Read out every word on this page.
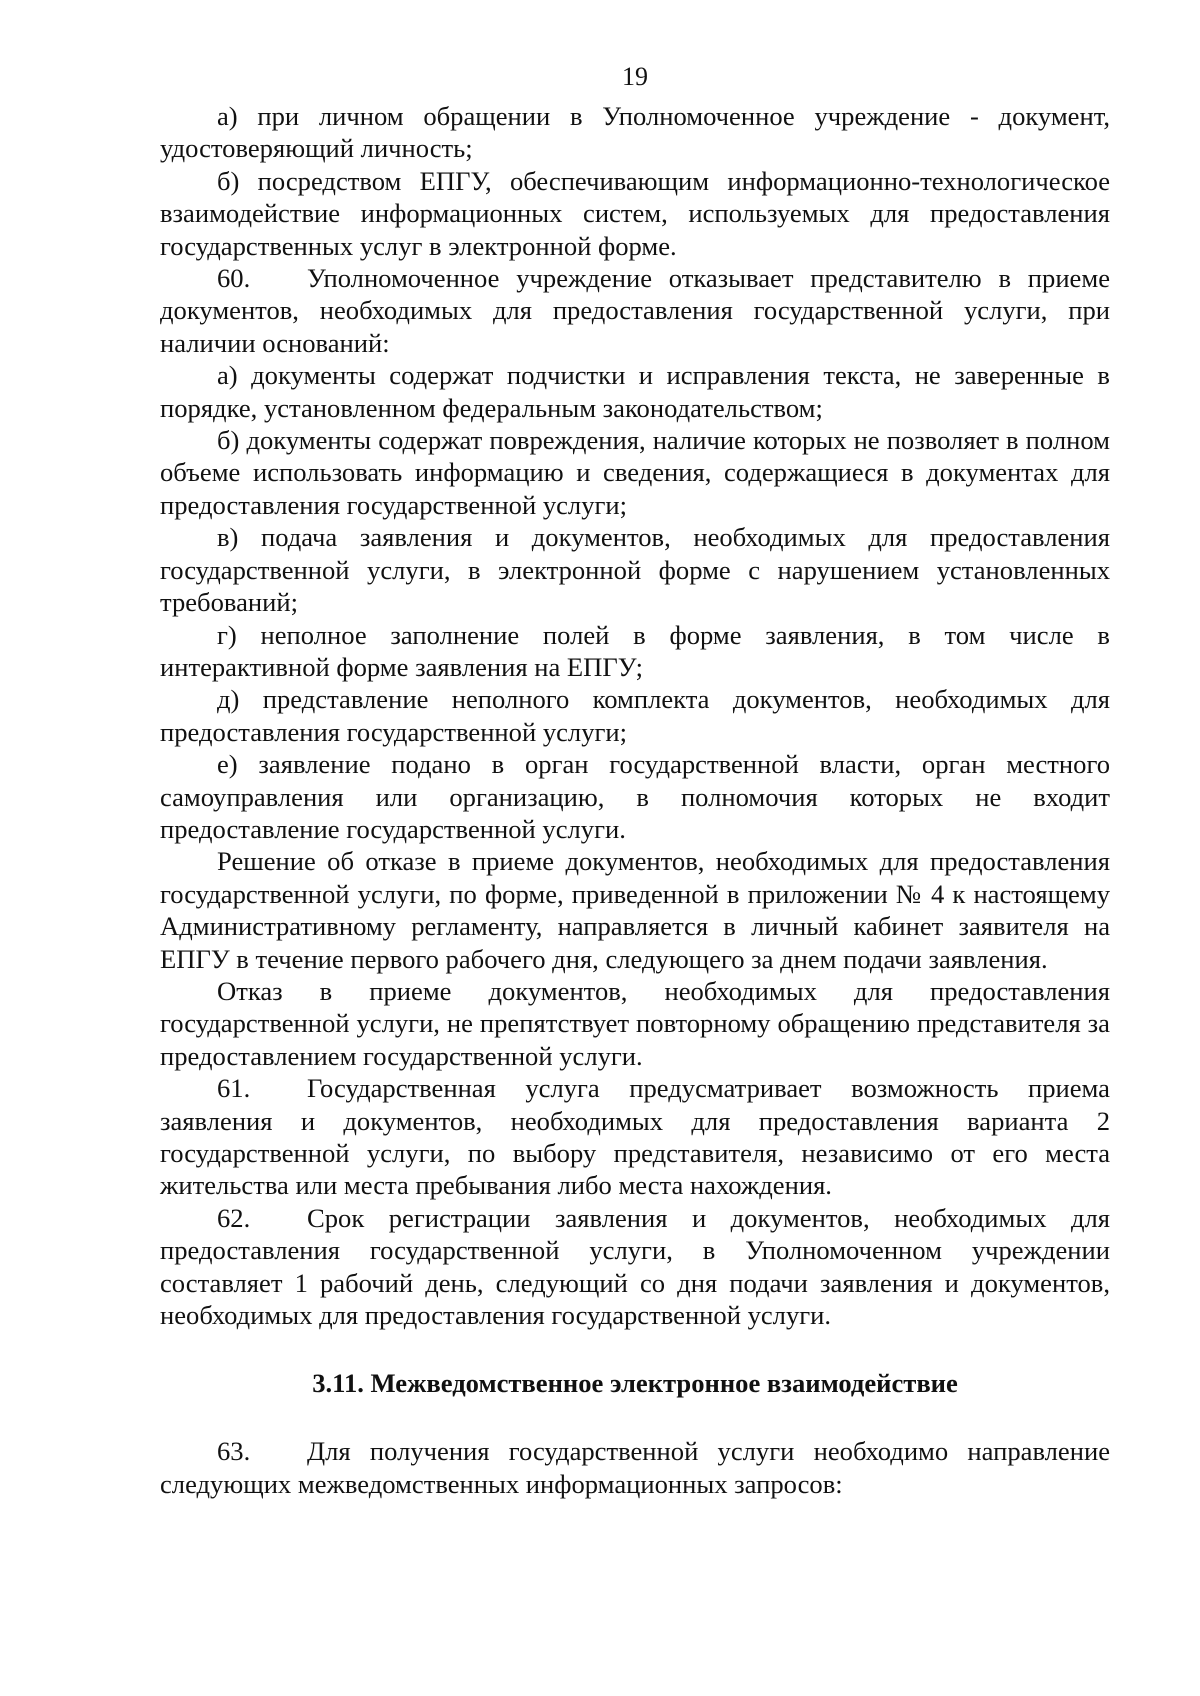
19

а) при личном обращении в Уполномоченное учреждение - документ, удостоверяющий личность;

б) посредством ЕПГУ, обеспечивающим информационно-технологическое взаимодействие информационных систем, используемых для предоставления государственных услуг в электронной форме.

60. Уполномоченное учреждение отказывает представителю в приеме документов, необходимых для предоставления государственной услуги, при наличии оснований:

а) документы содержат подчистки и исправления текста, не заверенные в порядке, установленном федеральным законодательством;

б) документы содержат повреждения, наличие которых не позволяет в полном объеме использовать информацию и сведения, содержащиеся в документах для предоставления государственной услуги;

в) подача заявления и документов, необходимых для предоставления государственной услуги, в электронной форме с нарушением установленных требований;

г) неполное заполнение полей в форме заявления, в том числе в интерактивной форме заявления на ЕПГУ;

д) представление неполного комплекта документов, необходимых для предоставления государственной услуги;

е) заявление подано в орган государственной власти, орган местного самоуправления или организацию, в полномочия которых не входит предоставление государственной услуги.

Решение об отказе в приеме документов, необходимых для предоставления государственной услуги, по форме, приведенной в приложении № 4 к настоящему Административному регламенту, направляется в личный кабинет заявителя на ЕПГУ в течение первого рабочего дня, следующего за днем подачи заявления.

Отказ в приеме документов, необходимых для предоставления государственной услуги, не препятствует повторному обращению представителя за предоставлением государственной услуги.

61. Государственная услуга предусматривает возможность приема заявления и документов, необходимых для предоставления варианта 2 государственной услуги, по выбору представителя, независимо от его места жительства или места пребывания либо места нахождения.

62. Срок регистрации заявления и документов, необходимых для предоставления государственной услуги, в Уполномоченном учреждении составляет 1 рабочий день, следующий со дня подачи заявления и документов, необходимых для предоставления государственной услуги.

3.11. Межведомственное электронное взаимодействие

63. Для получения государственной услуги необходимо направление следующих межведомственных информационных запросов:
